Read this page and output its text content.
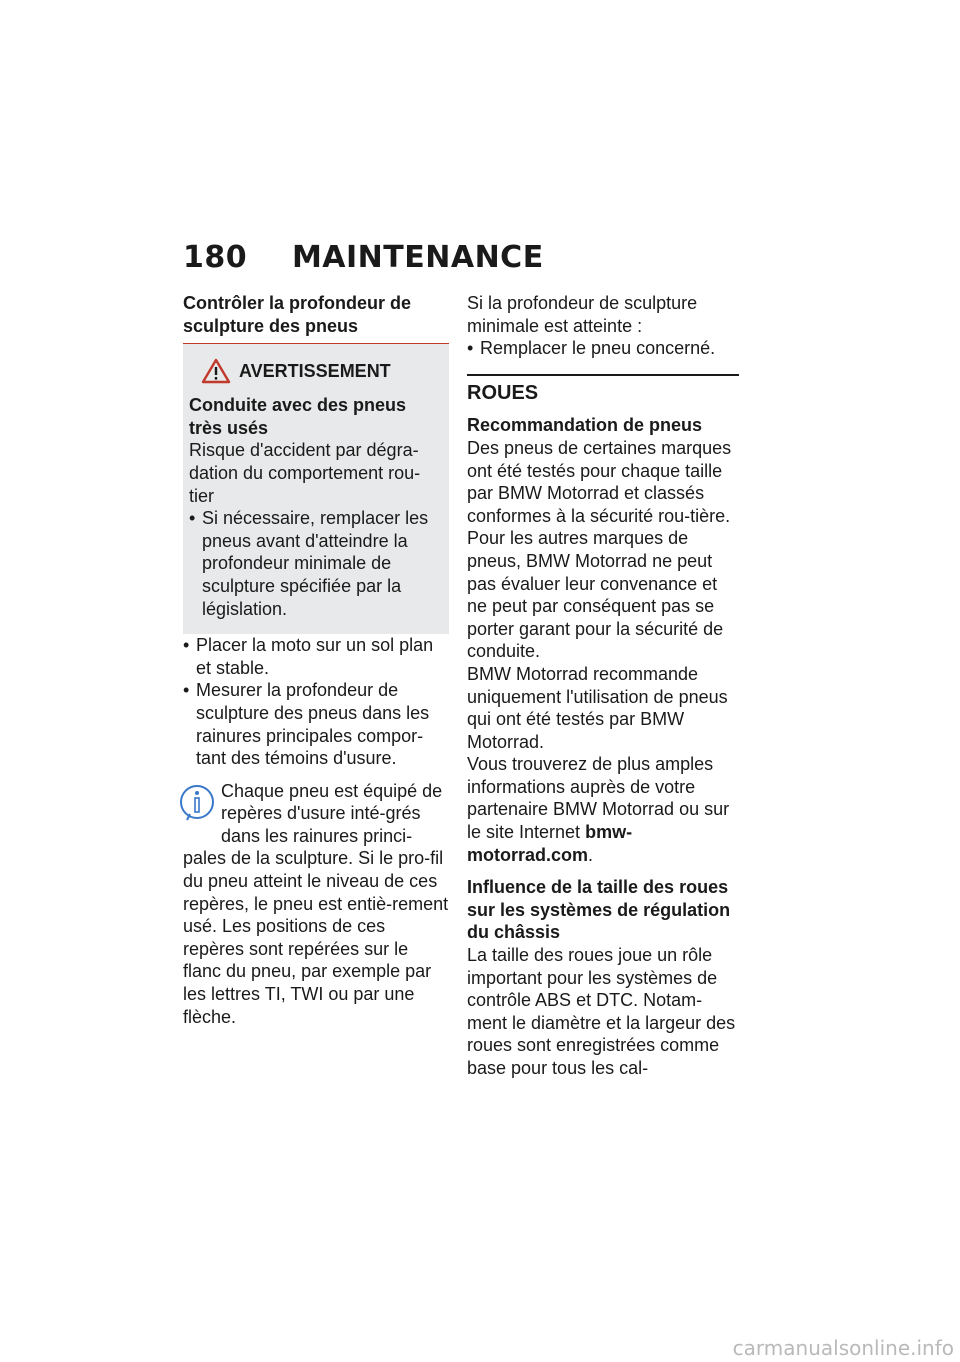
180 MAINTENANCE

Contrôler la profondeur de sculpture des pneus

AVERTISSEMENT

Conduite avec des pneus très usés

Risque d'accident par dégra-dation du comportement rou-tier

• Si nécessaire, remplacer les pneus avant d'atteindre la profondeur minimale de sculpture spécifiée par la législation.
• Placer la moto sur un sol plan et stable.
• Mesurer la profondeur de sculpture des pneus dans les rainures principales compor-tant des témoins d'usure.

Chaque pneu est équipé de repères d'usure inté-grés dans les rainures princi-pales de la sculpture. Si le pro-fil du pneu atteint le niveau de ces repères, le pneu est entiè-rement usé. Les positions de ces repères sont repérées sur le flanc du pneu, par exemple par les lettres TI, TWI ou par une flèche.

Si la profondeur de sculpture minimale est atteinte :

• Remplacer le pneu concerné.
ROUES

Recommandation de pneus

Des pneus de certaines marques ont été testés pour chaque taille par BMW Motorrad et classés conformes à la sécurité rou-tière. Pour les autres marques de pneus, BMW Motorrad ne peut pas évaluer leur convenance et ne peut par conséquent pas se porter garant pour la sécurité de conduite.

BMW Motorrad recommande uniquement l'utilisation de pneus qui ont été testés par BMW Motorrad.

Vous trouverez de plus amples informations auprès de votre partenaire BMW Motorrad ou sur le site Internet bmw-motorrad.com.

Influence de la taille des roues sur les systèmes de régulation du châssis

La taille des roues joue un rôle important pour les systèmes de contrôle ABS et DTC. Notam-ment le diamètre et la largeur des roues sont enregistrées comme base pour tous les cal-

carmanualsonline.info
